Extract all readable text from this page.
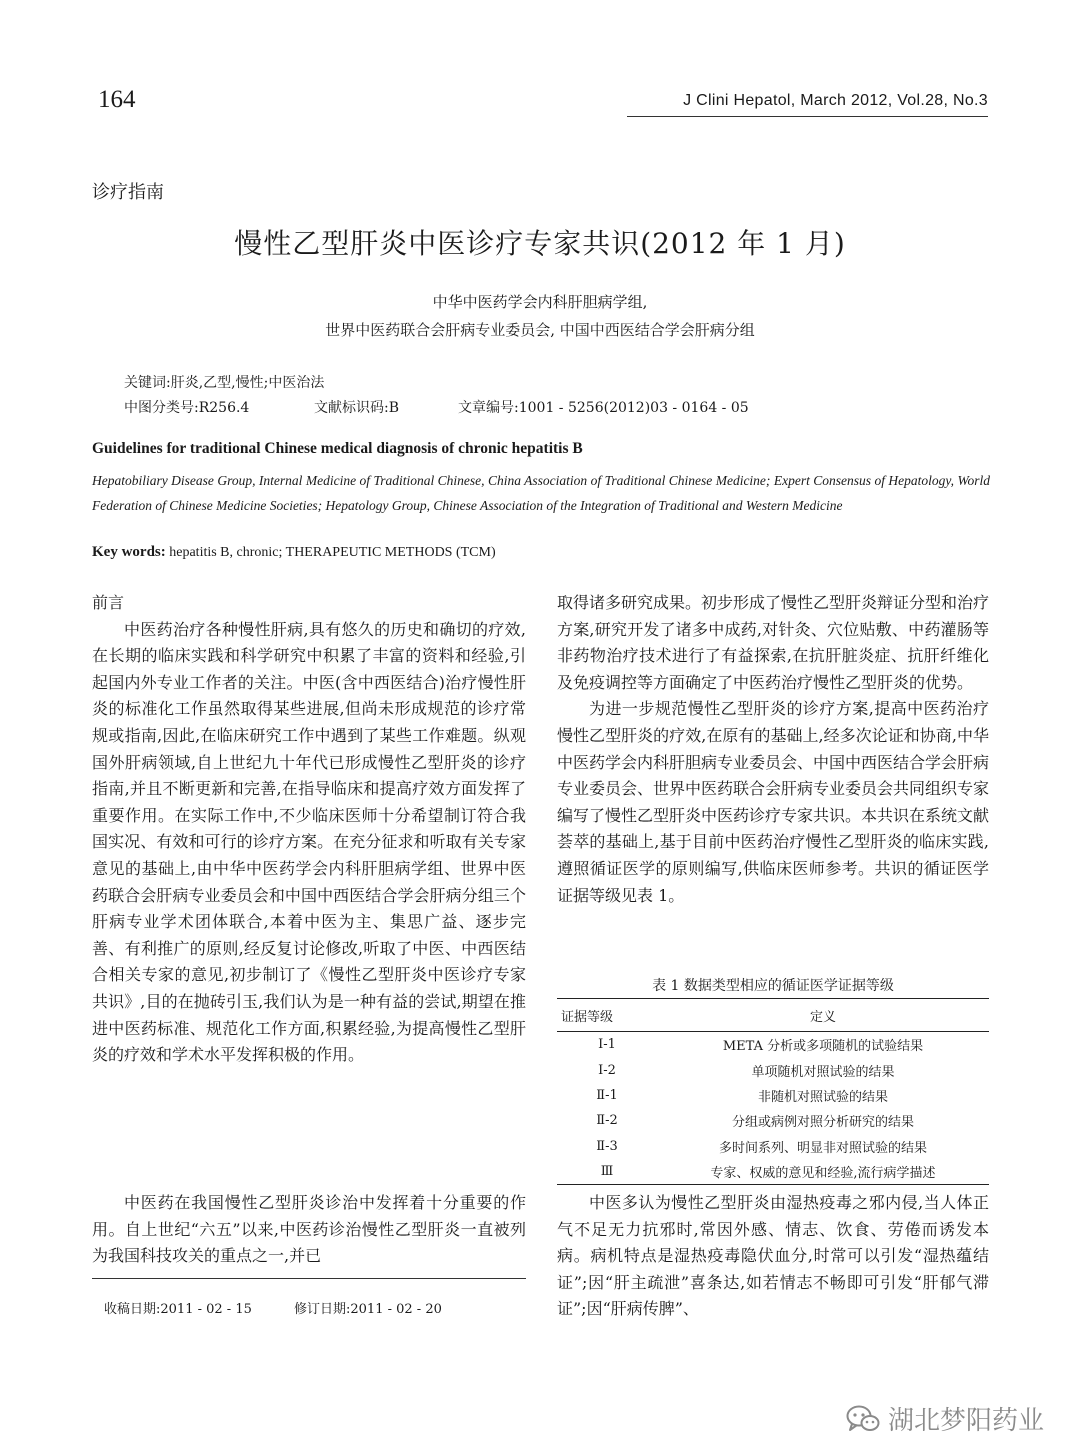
164	J Clini Hepatol, March 2012, Vol.28, No.3
诊疗指南
慢性乙型肝炎中医诊疗专家共识(2012 年 1 月)
中华中医药学会内科肝胆病学组,
世界中医药联合会肝病专业委员会, 中国中西医结合学会肝病分组
关键词:肝炎,乙型,慢性;中医治法
中图分类号:R256.4	文献标识码:B	文章编号:1001 - 5256(2012)03 - 0164 - 05
Guidelines for traditional Chinese medical diagnosis of chronic hepatitis B
Hepatobiliary Disease Group, Internal Medicine of Traditional Chinese, China Association of Traditional Chinese Medicine; Expert Consensus of Hepatology, World Federation of Chinese Medicine Societies; Hepatology Group, Chinese Association of the Integration of Traditional and Western Medicine
Key words: hepatitis B, chronic; THERAPEUTIC METHODS (TCM)

前言

中医药治疗各种慢性肝病,具有悠久的历史和确切的疗效,在长期的临床实践和科学研究中积累了丰富的资料和经验,引起国内外专业工作者的关注。中医(含中西医结合)治疗慢性肝炎的标准化工作虽然取得某些进展,但尚未形成规范的诊疗常规或指南,因此,在临床研究工作中遇到了某些工作难题。纵观国外肝病领域,自上世纪九十年代已形成慢性乙型肝炎的诊疗指南,并且不断更新和完善,在指导临床和提高疗效方面发挥了重要作用。在实际工作中,不少临床医师十分希望制订符合我国实况、有效和可行的诊疗方案。在充分征求和听取有关专家意见的基础上,由中华中医药学会内科肝胆病学组、世界中医药联合会肝病专业委员会和中国中西医结合学会肝病分组三个肝病专业学术团体联合,本着中医为主、集思广益、逐步完善、有利推广的原则,经反复讨论修改,听取了中医、中西医结合相关专家的意见,初步制订了《慢性乙型肝炎中医诊疗专家共识》,目的在抛砖引玉,我们认为是一种有益的尝试,期望在推进中医药标准、规范化工作方面,积累经验,为提高慢性乙型肝炎的疗效和学术水平发挥积极的作用。

中医药在我国慢性乙型肝炎诊治中发挥着十分重要的作用。自上世纪“六五”以来,中医药诊治慢性乙型肝炎一直被列为我国科技攻关的重点之一,并已

收稿日期:2011 - 02 - 15	修订日期:2011 - 02 - 20

取得诸多研究成果。初步形成了慢性乙型肝炎辩证分型和治疗方案,研究开发了诸多中成药,对针灸、穴位贴敷、中药灌肠等非药物治疗技术进行了有益探索,在抗肝脏炎症、抗肝纤维化及免疫调控等方面确定了中医药治疗慢性乙型肝炎的优势。

为进一步规范慢性乙型肝炎的诊疗方案,提高中医药治疗慢性乙型肝炎的疗效,在原有的基础上,经多次论证和协商,中华中医药学会内科肝胆病专业委员会、中国中西医结合学会肝病专业委员会、世界中医药联合会肝病专业委员会共同组织专家编写了慢性乙型肝炎中医药诊疗专家共识。本共识在系统文献荟萃的基础上,基于目前中医药治疗慢性乙型肝炎的临床实践,遵照循证医学的原则编写,供临床医师参考。共识的循证医学证据等级见表 1。

表 1 数据类型相应的循证医学证据等级
证据等级	定义
Ⅰ-1	META 分析或多项随机的试验结果
Ⅰ-2	单项随机对照试验的结果
Ⅱ-1	非随机对照试验的结果
Ⅱ-2	分组或病例对照分析研究的结果
Ⅱ-3	多时间系列、明显非对照试验的结果
Ⅲ	专家、权威的意见和经验,流行病学描述

中医多认为慢性乙型肝炎由湿热疫毒之邪内侵,当人体正气不足无力抗邪时,常因外感、情志、饮食、劳倦而诱发本病。病机特点是湿热疫毒隐伏血分,时常可以引发“湿热蕴结证”;因“肝主疏泄”喜条达,如若情志不畅即可引发“肝郁气滞证”;因“肝病传脾”、

湖北梦阳药业
